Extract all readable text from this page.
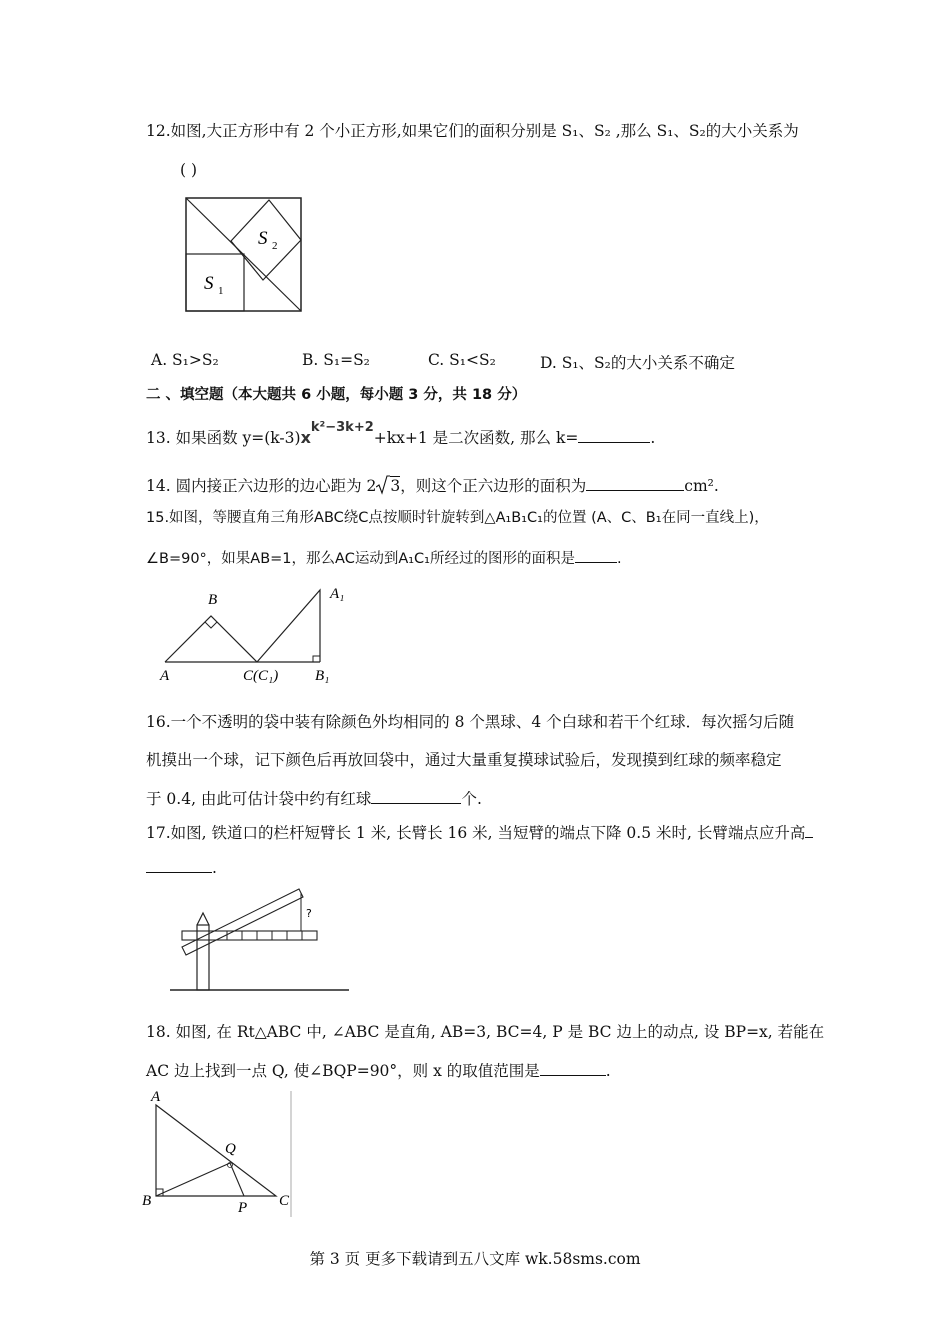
12.如图,大正方形中有 2 个小正方形,如果它们的面积分别是 S₁、S₂ ,那么 S₁、S₂的大小关系为
( )
S 1
S 2
A. S₁>S₂	B. S₁=S₂	C. S₁<S₂	D. S₁、S₂的大小关系不确定
二 、填空题（本大题共 6 小题，每小题 3 分，共 18 分）
13. 如果函数 $y=(k-3)x^{k^2-3k+2}+kx+1$ 是二次函数, 那么 k=	.
14. 圆内接正六边形的边心距为 2 3，则这个正六边形的面积为	cm².
15.如图，等腰直角三角形ABC绕C点按顺时针旋转到△A₁B₁C₁的位置 (A、C、B₁在同一直线上)，
∠B=90°，如果AB=1，那么AC运动到A₁C₁所经过的图形的面积是	.
B
A	C(C₁)
A₁
B₁
16.一个不透明的袋中装有除颜色外均相同的 8 个黑球、4 个白球和若干个红球．每次摇匀后随
机摸出一个球，记下颜色后再放回袋中，通过大量重复摸球试验后，发现摸到红球的频率稳定
于 0.4, 由此可估计袋中约有红球	个.
17.如图, 铁道口的栏杆短臂长 1 米, 长臂长 16 米, 当短臂的端点下降 0.5 米时, 长臂端点应升高
.
?
18. 如图, 在 Rt△ABC 中, ∠ABC 是直角, AB=3, BC=4, P 是 BC 边上的动点, 设 BP=x, 若能在
AC 边上找到一点 Q, 使∠BQP=90°，则 x 的取值范围是	.
A
Q
B	P C
第 3 页 更多下载请到五八文库 wk.58sms.com
